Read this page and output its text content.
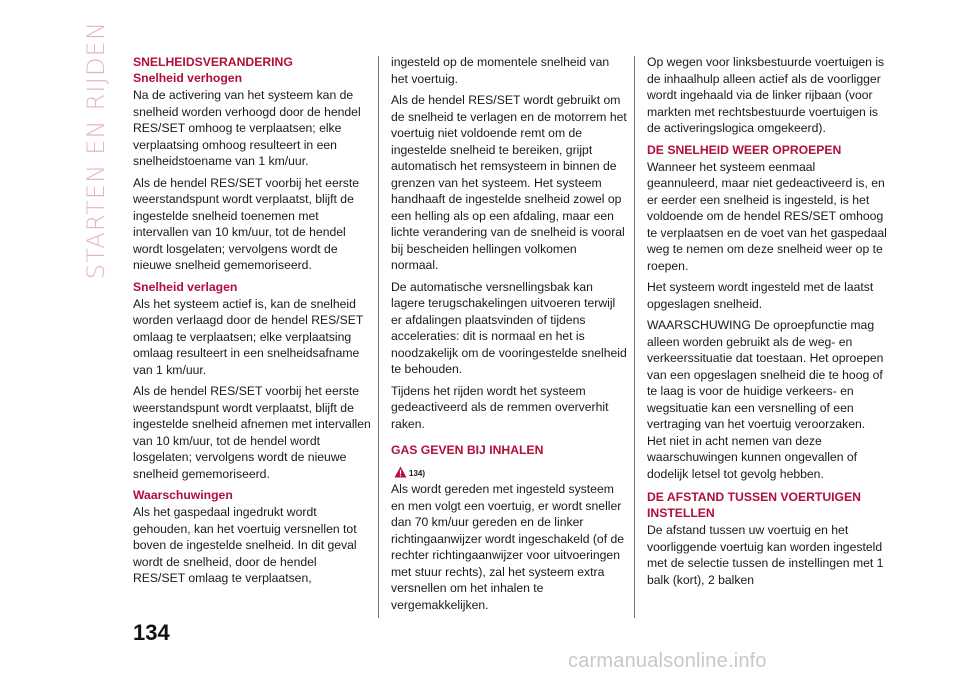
STARTEN EN RIJDEN SNELHEIDSVERANDERING
Snelheid verhogen

Na de activering van het systeem kan de snelheid worden verhoogd door de hendel RES/SET omhoog te verplaatsen; elke verplaatsing omhoog resulteert in een snelheidstoename van 1 km/uur.

Als de hendel RES/SET voorbij het eerste weerstandspunt wordt verplaatst, blijft de ingestelde snelheid toenemen met intervallen van 10 km/uur, tot de hendel wordt losgelaten; vervolgens wordt de nieuwe snelheid gememoriseerd.

Snelheid verlagen

Als het systeem actief is, kan de snelheid worden verlaagd door de hendel RES/SET omlaag te verplaatsen; elke verplaatsing omlaag resulteert in een snelheidsafname van 1 km/uur.

Als de hendel RES/SET voorbij het eerste weerstandspunt wordt verplaatst, blijft de ingestelde snelheid afnemen met intervallen van 10 km/uur, tot de hendel wordt losgelaten; vervolgens wordt de nieuwe snelheid gememoriseerd.

Waarschuwingen

Als het gaspedaal ingedrukt wordt gehouden, kan het voertuig versnellen tot boven de ingestelde snelheid. In dit geval wordt de snelheid, door de hendel RES/SET omlaag te verplaatsen,

ingesteld op de momentele snelheid van het voertuig.

Als de hendel RES/SET wordt gebruikt om de snelheid te verlagen en de motorrem het voertuig niet voldoende remt om de ingestelde snelheid te bereiken, grijpt automatisch het remsysteem in binnen de grenzen van het systeem. Het systeem handhaaft de ingestelde snelheid zowel op een helling als op een afdaling, maar een lichte verandering van de snelheid is vooral bij bescheiden hellingen volkomen normaal.

De automatische versnellingsbak kan lagere terugschakelingen uitvoeren terwijl er afdalingen plaatsvinden of tijdens acceleraties: dit is normaal en het is noodzakelijk om de vooringestelde snelheid te behouden.

Tijdens het rijden wordt het systeem gedeactiveerd als de remmen oververhit raken.

GAS GEVEN BIJ INHALEN
134)

Als wordt gereden met ingesteld systeem en men volgt een voertuig, er wordt sneller dan 70 km/uur gereden en de linker richtingaanwijzer wordt ingeschakeld (of de rechter richtingaanwijzer voor uitvoeringen met stuur rechts), zal het systeem extra versnellen om het inhalen te vergemakkelijken.

Op wegen voor linksbestuurde voertuigen is de inhaalhulp alleen actief als de voorligger wordt ingehaald via de linker rijbaan (voor markten met rechtsbestuurde voertuigen is de activeringslogica omgekeerd).

DE SNELHEID WEER OPROEPEN

Wanneer het systeem eenmaal geannuleerd, maar niet gedeactiveerd is, en er eerder een snelheid is ingesteld, is het voldoende om de hendel RES/SET omhoog te verplaatsen en de voet van het gaspedaal weg te nemen om deze snelheid weer op te roepen.

Het systeem wordt ingesteld met de laatst opgeslagen snelheid.

WAARSCHUWING De oproepfunctie mag alleen worden gebruikt als de weg- en verkeerssituatie dat toestaan. Het oproepen van een opgeslagen snelheid die te hoog of te laag is voor de huidige verkeers- en wegsituatie kan een versnelling of een vertraging van het voertuig veroorzaken. Het niet in acht nemen van deze waarschuwingen kunnen ongevallen of dodelijk letsel tot gevolg hebben.

DE AFSTAND TUSSEN VOERTUIGEN INSTELLEN

De afstand tussen uw voertuig en het voorliggende voertuig kan worden ingesteld met de selectie tussen de instellingen met 1 balk (kort), 2 balken

134
carmanualsonline.info
